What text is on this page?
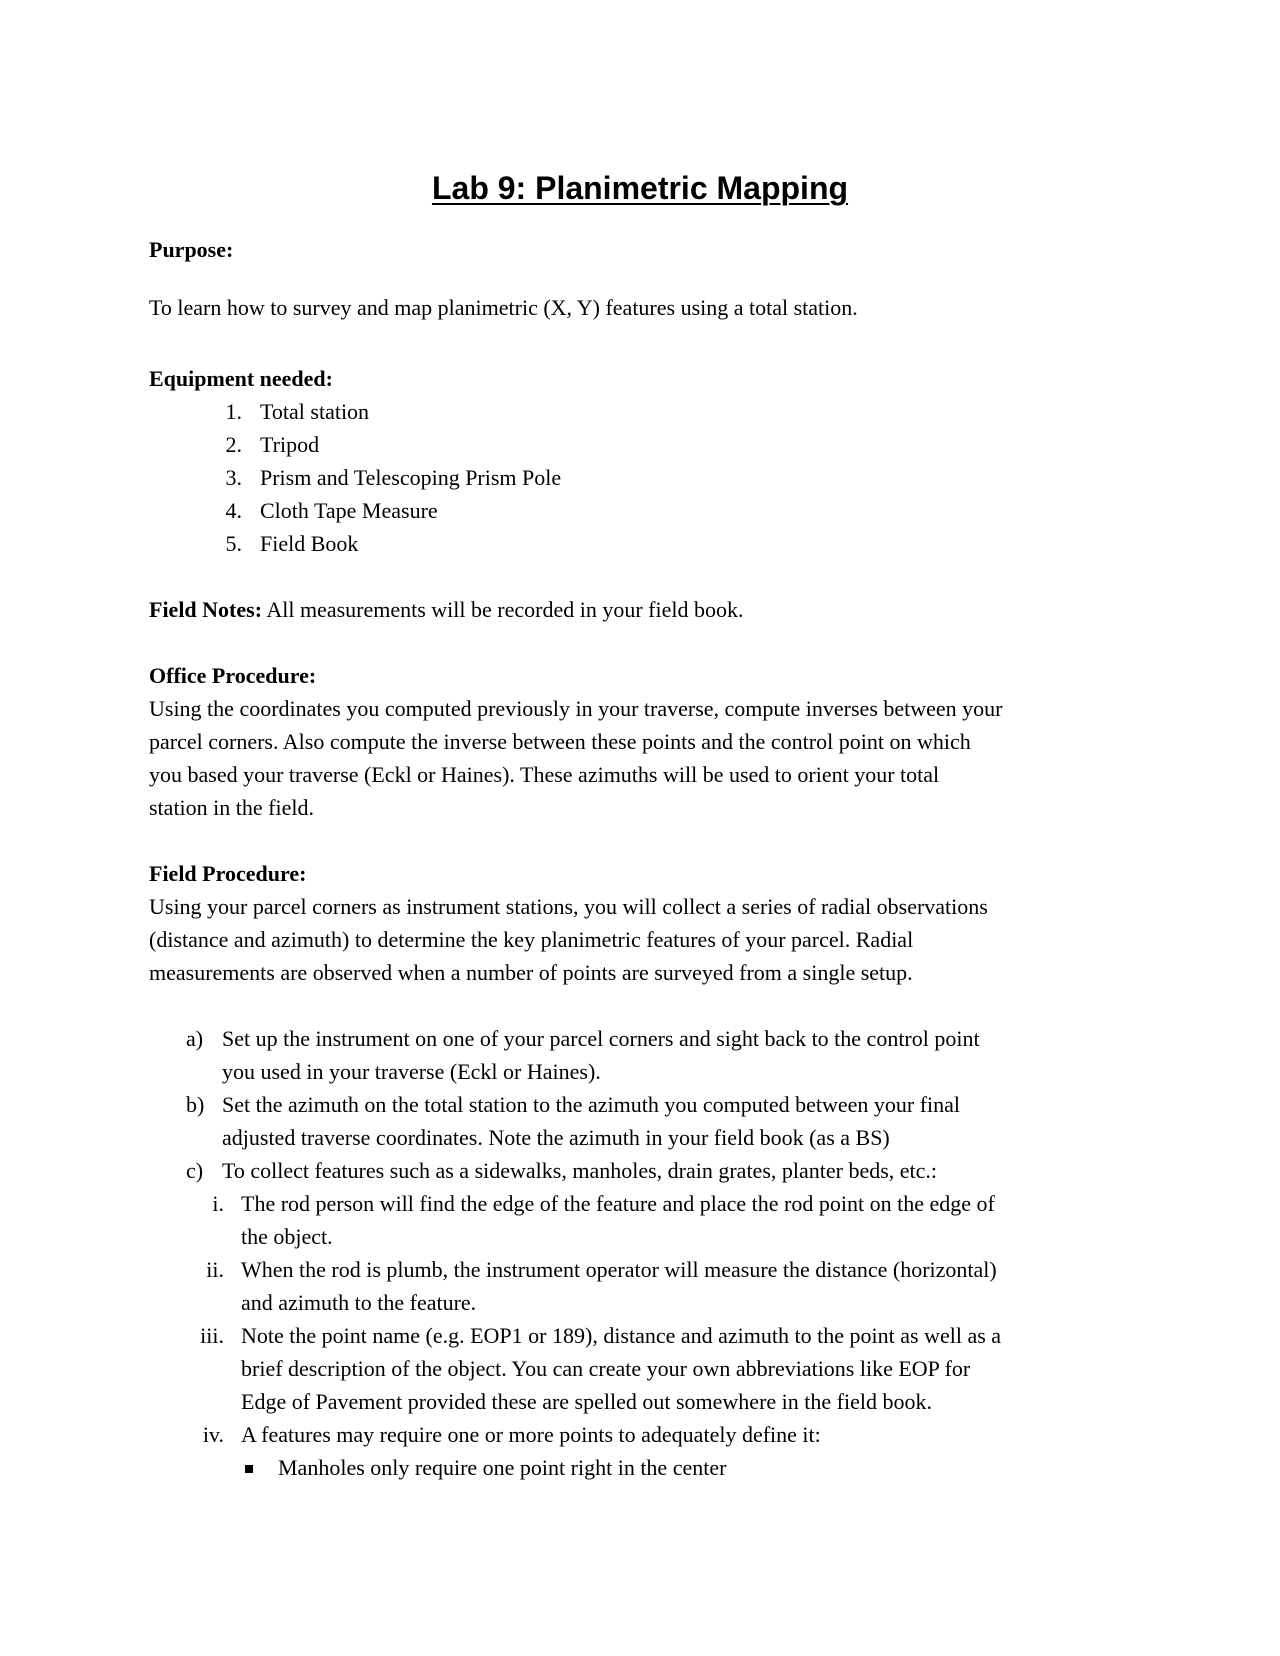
Lab 9: Planimetric Mapping
Purpose:
To learn how to survey and map planimetric (X, Y) features using a total station.
Equipment needed:
1. Total station
2. Tripod
3. Prism and Telescoping Prism Pole
4. Cloth Tape Measure
5. Field Book
Field Notes: All measurements will be recorded in your field book.
Office Procedure:
Using the coordinates you computed previously in your traverse, compute inverses between your
parcel corners. Also compute the inverse between these points and the control point on which
you based your traverse (Eckl or Haines). These azimuths will be used to orient your total
station in the field.
Field Procedure:
Using your parcel corners as instrument stations, you will collect a series of radial observations
(distance and azimuth) to determine the key planimetric features of your parcel. Radial
measurements are observed when a number of points are surveyed from a single setup.
a) Set up the instrument on one of your parcel corners and sight back to the control point
you used in your traverse (Eckl or Haines).
b) Set the azimuth on the total station to the azimuth you computed between your final
adjusted traverse coordinates. Note the azimuth in your field book (as a BS)
c) To collect features such as a sidewalks, manholes, drain grates, planter beds, etc.:
i. The rod person will find the edge of the feature and place the rod point on the edge of
the object.
ii. When the rod is plumb, the instrument operator will measure the distance (horizontal)
and azimuth to the feature.
iii. Note the point name (e.g. EOP1 or 189), distance and azimuth to the point as well as a
brief description of the object. You can create your own abbreviations like EOP for
Edge of Pavement provided these are spelled out somewhere in the field book.
iv. A features may require one or more points to adequately define it:
Manholes only require one point right in the center
